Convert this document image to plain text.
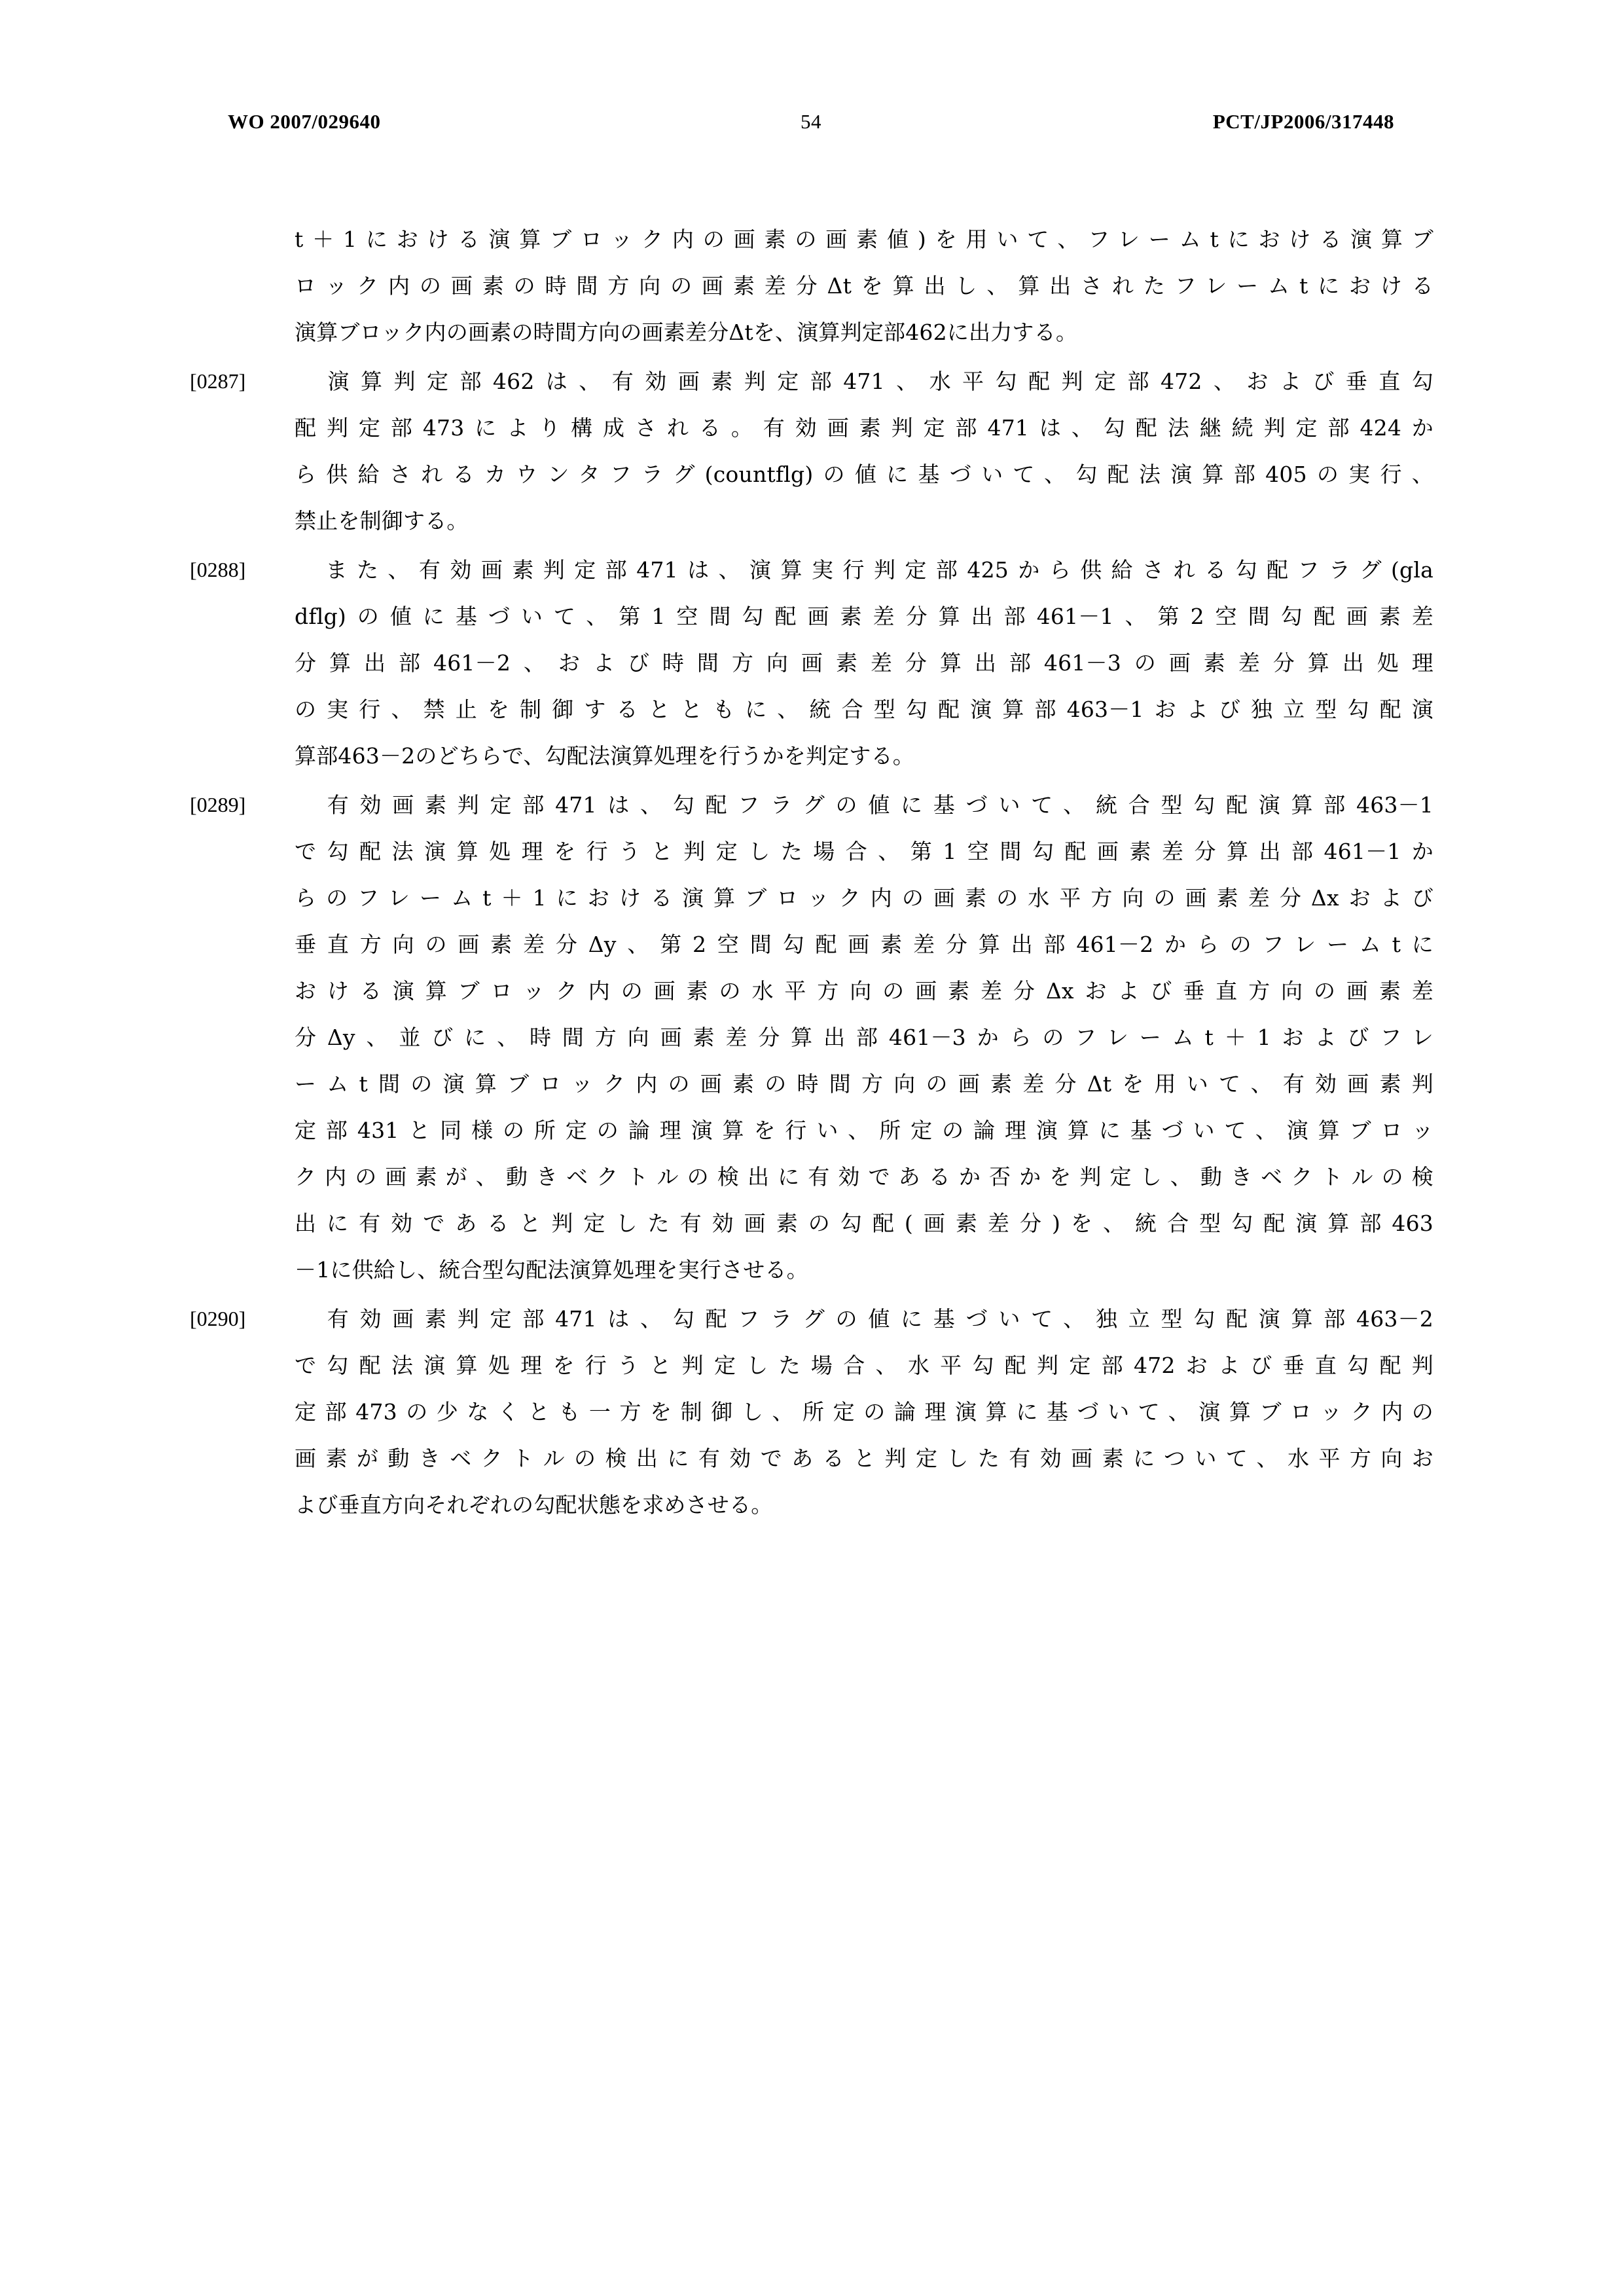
WO 2007/029640	54	PCT/JP2006/317448
t＋1における演算ブロック内の画素の画素値)を用いて、フレームtにおける演算ブ
ロック内の画素の時間方向の画素差分Δtを算出し、算出されたフレームtにおける
演算ブロック内の画素の時間方向の画素差分Δtを、演算判定部462に出力する。
[0287]	　演算判定部462は、有効画素判定部471、水平勾配判定部472、および垂直勾
配判定部473により構成される。有効画素判定部471は、勾配法継続判定部424か
ら供給されるカウンタフラグ(countflg)の値に基づいて、勾配法演算部405の実行、
禁止を制御する。
[0288]	　また、有効画素判定部471は、演算実行判定部425から供給される勾配フラグ(gla
dflg)の値に基づいて、第1空間勾配画素差分算出部461－1、第2空間勾配画素差
分算出部461－2、および時間方向画素差分算出部461－3の画素差分算出処理
の実行、禁止を制御するとともに、統合型勾配演算部463－1および独立型勾配演
算部463－2のどちらで、勾配法演算処理を行うかを判定する。
[0289]	　有効画素判定部471は、勾配フラグの値に基づいて、統合型勾配演算部463－1
で勾配法演算処理を行うと判定した場合、第1空間勾配画素差分算出部461－1か
らのフレームt＋1における演算ブロック内の画素の水平方向の画素差分Δxおよび
垂直方向の画素差分Δy、第2空間勾配画素差分算出部461－2からのフレームtに
おける演算ブロック内の画素の水平方向の画素差分Δxおよび垂直方向の画素差
分Δy、並びに、時間方向画素差分算出部461－3からのフレームt＋1およびフレ
ームt間の演算ブロック内の画素の時間方向の画素差分Δtを用いて、有効画素判
定部431と同様の所定の論理演算を行い、所定の論理演算に基づいて、演算ブロッ
ク内の画素が、動きベクトルの検出に有効であるか否かを判定し、動きベクトルの検
出に有効であると判定した有効画素の勾配(画素差分)を、統合型勾配演算部463
－1に供給し、統合型勾配法演算処理を実行させる。
[0290]	　有効画素判定部471は、勾配フラグの値に基づいて、独立型勾配演算部463－2
で勾配法演算処理を行うと判定した場合、水平勾配判定部472および垂直勾配判
定部473の少なくとも一方を制御し、所定の論理演算に基づいて、演算ブロック内の
画素が動きベクトルの検出に有効であると判定した有効画素について、水平方向お
よび垂直方向それぞれの勾配状態を求めさせる。
